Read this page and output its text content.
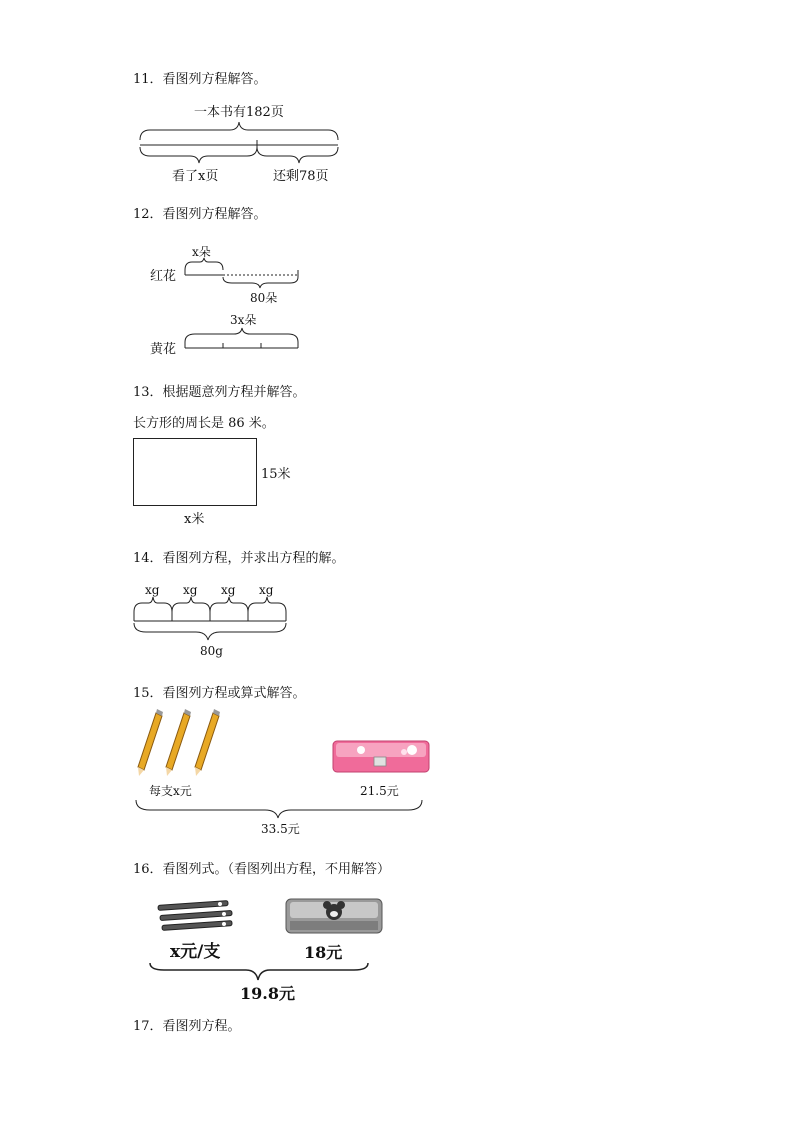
11．看图列方程解答。
一本书有182页
看了x页	还剩78页
12．看图列方程解答。
x朵
红花
80朵
3x朵
黄花
13．根据题意列方程并解答。
长方形的周长是 86 米。
15米
x米
14．看图列方程，并求出方程的解。
xg xg xg xg
80g
15．看图列方程或算式解答。
每支x元	21.5元
33.5元
16．看图列式。（看图列出方程，不用解答）
x元/支	18元
19.8元
17．看图列方程。
